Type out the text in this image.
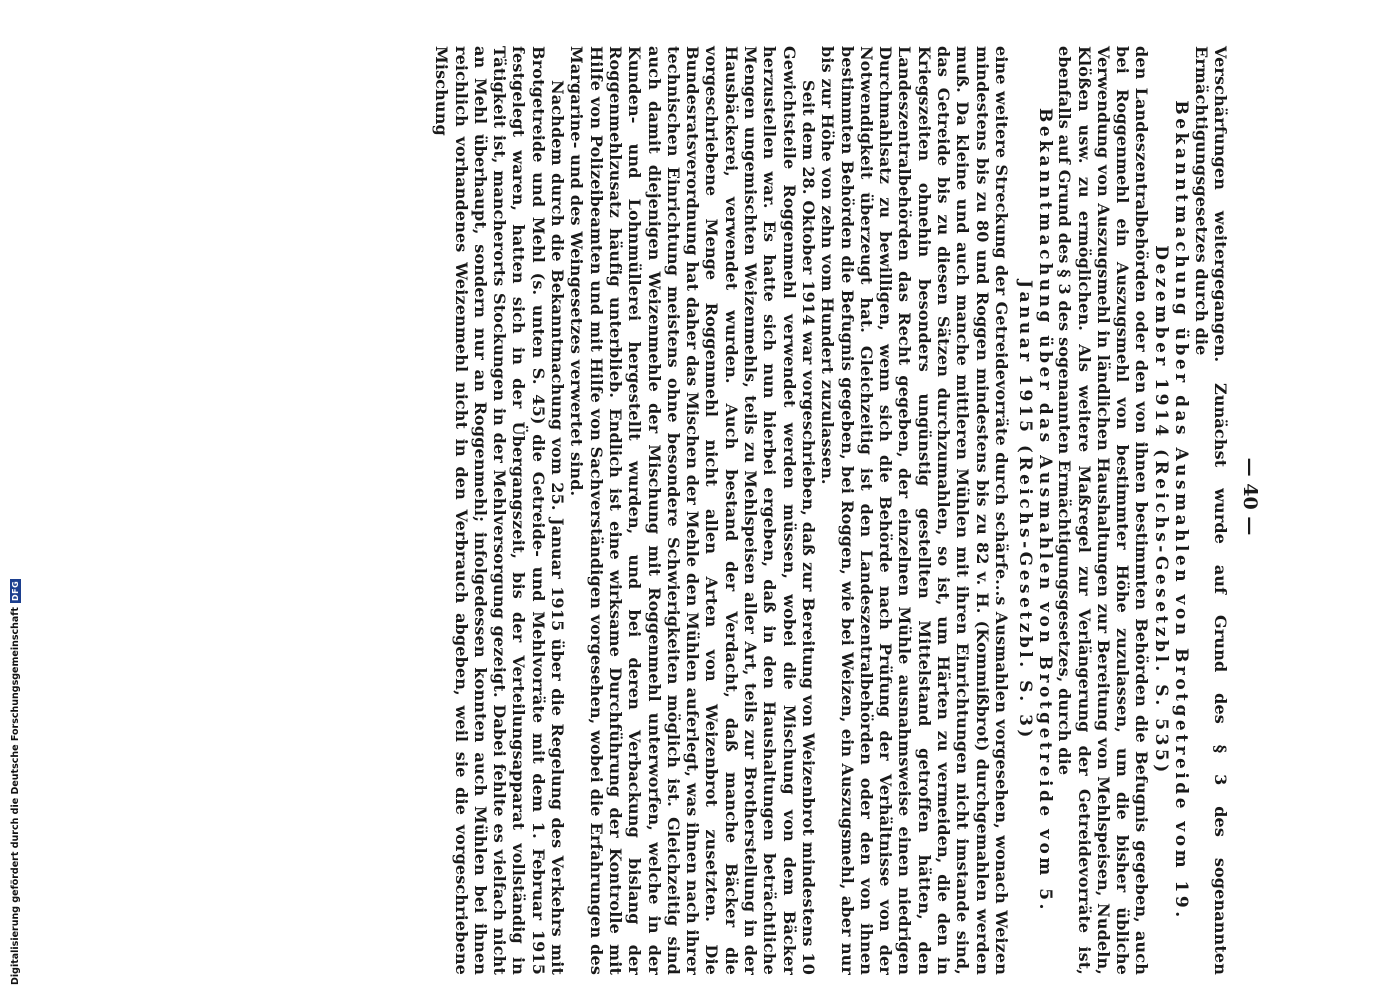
Digitalisierung gefördert durch die Deutsche Forschungsgemeinschaft
DFG
— 40 —

Verschärfungen weitergegangen. Zunächst wurde auf Grund des § 3 des sogenannten Ermächtigungsgesetzes durch die

Bekanntmachung über das Ausmahlen von Brotgetreide vom 19. Dezember 1914 (Reichs-Gesetzbl. S. 535)

den Landeszentralbehörden oder den von ihnen bestimmten Behörden die Befugnis gegeben, auch bei Roggenmehl ein Auszugsmehl von bestimmter Höhe zuzulassen, um die bisher übliche Verwendung von Auszugsmehl in ländlichen Haushaltungen zur Bereitung von Mehlspeisen, Nudeln, Klößen usw. zu ermöglichen. Als weitere Maßregel zur Verlängerung der Getreidevorräte ist, ebenfalls auf Grund des § 3 des sogenannten Ermächtigungsgesetzes, durch die

Bekanntmachung über das Ausmahlen von Brotgetreide vom 5. Januar 1915 (Reichs-Gesetzbl. S. 3)

eine weitere Streckung der Getreidevorräte durch schärfe...s Ausmahlen vorgesehen, wonach Weizen mindestens bis zu 80 und Roggen mindestens bis zu 82 v. H. (Kommißbrot) durchgemahlen werden muß. Da kleine und auch manche mittleren Mühlen mit ihren Einrichtungen nicht imstande sind, das Getreide bis zu diesen Sätzen durchzumahlen, so ist, um Härten zu vermeiden, die den in Kriegszeiten ohnehin besonders ungünstig gestellten Mittelstand getroffen hätten, den Landeszentralbehörden das Recht gegeben, der einzelnen Mühle ausnahmsweise einen niedrigen Durchmahlsatz zu bewilligen, wenn sich die Behörde nach Prüfung der Verhältnisse von der Notwendigkeit überzeugt hat. Gleichzeitig ist den Landeszentralbehörden oder den von ihnen bestimmten Behörden die Befugnis gegeben, bei Roggen, wie bei Weizen, ein Auszugsmehl, aber nur bis zur Höhe von zehn vom Hundert zuzulassen.

Seit dem 28. Oktober 1914 war vorgeschrieben, daß zur Bereitung von Weizenbrot mindestens 10 Gewichtsteile Roggenmehl verwendet werden müssen, wobei die Mischung von dem Bäcker herzustellen war. Es hatte sich nun hierbei ergeben, daß in den Haushaltungen beträchtliche Mengen ungemischten Weizenmehls, teils zu Mehlspeisen aller Art, teils zur Brotherstellung in der Hausbäckerei, verwendet wurden. Auch bestand der Verdacht, daß manche Bäcker die vorgeschriebene Menge Roggenmehl nicht allen Arten von Weizenbrot zusetzten. Die Bundesratsverordnung hat daher das Mischen der Mehle den Mühlen auferlegt, was ihnen nach ihrer technischen Einrichtung meistens ohne besondere Schwierigkeiten möglich ist. Gleichzeitig sind auch damit diejenigen Weizenmehle der Mischung mit Roggenmehl unterworfen, welche in der Kunden- und Lohnmüllerei hergestellt wurden, und bei deren Verbackung bislang der Roggenmehlzusatz häufig unterblieb. Endlich ist eine wirksame Durchführung der Kontrolle mit Hilfe von Polizeibeamten und mit Hilfe von Sachverständigen vorgesehen, wobei die Erfahrungen des Margarine- und des Weingesetzes verwertet sind.

Nachdem durch die Bekanntmachung vom 25. Januar 1915 über die Regelung des Verkehrs mit Brotgetreide und Mehl (s. unten S. 45) die Getreide- und Mehlvorräte mit dem 1. Februar 1915 festgelegt waren, hatten sich in der Übergangszeit, bis der Verteilungsapparat vollständig in Tätigkeit ist, mancherorts Stockungen in der Mehlversorgung gezeigt. Dabei fehlte es vielfach nicht an Mehl überhaupt, sondern nur an Roggenmehl; infolgedessen konnten auch Mühlen bei ihnen reichlich vorhandenes Weizenmehl nicht in den Verbrauch abgeben, weil sie die vorgeschriebene Mischung
